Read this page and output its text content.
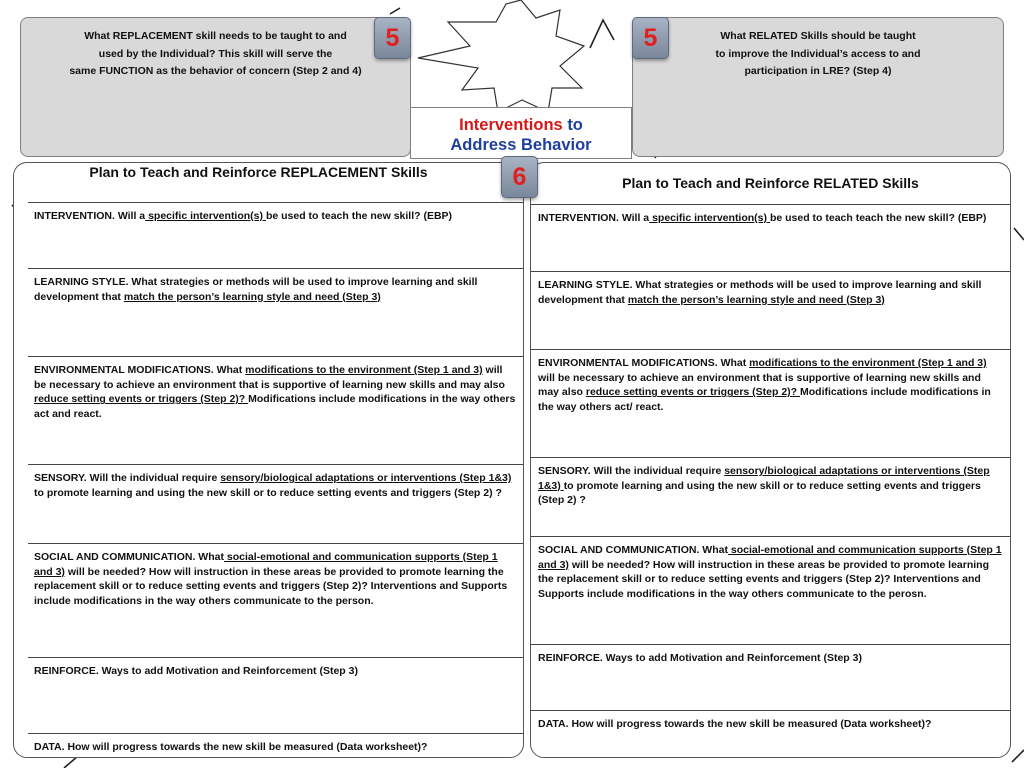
What REPLACEMENT skill needs to be taught to and
used by the Individual? This skill will serve the
same FUNCTION as the behavior of concern (Step 2 and 4)
What RELATED Skills should be taught
to improve the Individual’s access to and
participation in LRE? (Step 4)
5	5
Interventions to
Address Behavior
Plan to Teach and Reinforce REPLACEMENT Skills
INTERVENTION. Will a specific intervention(s) be used to teach the new skill? (EBP)
LEARNING STYLE. What strategies or methods will be used to improve learning and skill development that match the person’s learning style and need (Step 3)
ENVIRONMENTAL MODIFICATIONS. What modifications to the environment (Step 1 and 3) will be necessary to achieve an environment that is supportive of learning new skills and may also reduce setting events or triggers (Step 2)? Modifications include modifications in the way others act and react.
SENSORY. Will the individual require sensory/biological adaptations or interventions (Step 1&3) to promote learning and using the new skill or to reduce setting events and triggers (Step 2) ?
SOCIAL AND COMMUNICATION. What social-emotional and communication supports (Step 1 and 3) will be needed? How will instruction in these areas be provided to promote learning the replacement skill or to reduce setting events and triggers (Step 2)? Interventions and Supports include modifications in the way others communicate to the person.
REINFORCE. Ways to add Motivation and Reinforcement (Step 3)
DATA. How will progress towards the new skill be measured (Data worksheet)?
Plan to Teach and Reinforce RELATED Skills
INTERVENTION. Will a specific intervention(s) be used to teach teach the new skill? (EBP)
LEARNING STYLE. What strategies or methods will be used to improve learning and skill development that match the person’s learning style and need (Step 3)
ENVIRONMENTAL MODIFICATIONS. What modifications to the environment (Step 1 and 3) will be necessary to achieve an environment that is supportive of learning new skills and may also reduce setting events or triggers (Step 2)? Modifications include modifications in the way others act/ react.
SENSORY. Will the individual require sensory/biological adaptations or interventions (Step 1&3) to promote learning and using the new skill or to reduce setting events and triggers (Step 2) ?
SOCIAL AND COMMUNICATION. What social-emotional and communication supports (Step 1 and 3) will be needed? How will instruction in these areas be provided to promote learning the replacement skill or to reduce setting events and triggers (Step 2)? Interventions and Supports include modifications in the way others communicate to the perosn.
REINFORCE. Ways to add Motivation and Reinforcement (Step 3)
DATA. How will progress towards the new skill be measured (Data worksheet)?
6
